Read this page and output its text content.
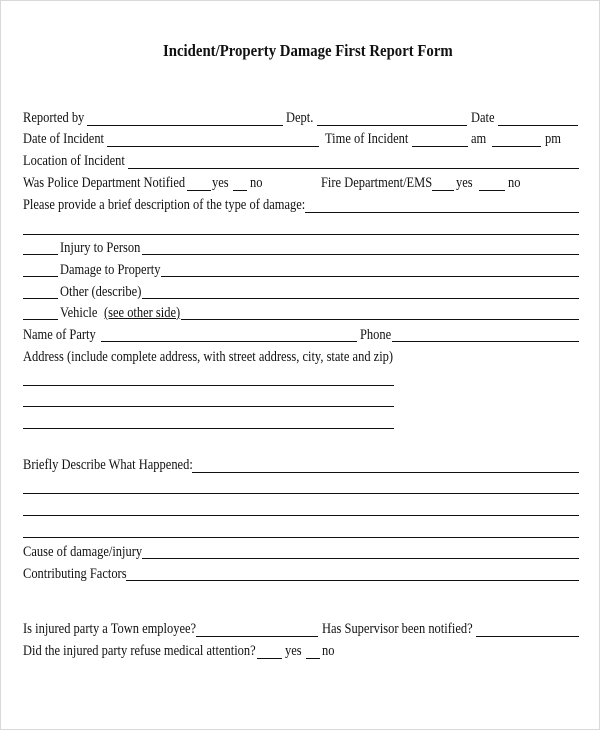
Incident/Property Damage First Report Form
Reported by	Dept.	Date
Date of Incident	Time of Incident	am	pm
Location of Incident
Was Police Department Notified yes no	Fire Department/EMS yes no
Please provide a brief description of the type of damage:
Injury to Person
Damage to Property
Other (describe)
Vehicle (see other side)
Name of Party	Phone
Address (include complete address, with street address, city, state and zip)
Briefly Describe What Happened:
Cause of damage/injury
Contributing Factors
Is injured party a Town employee?	Has Supervisor been notified?
Did the injured party refuse medical attention? yes no
